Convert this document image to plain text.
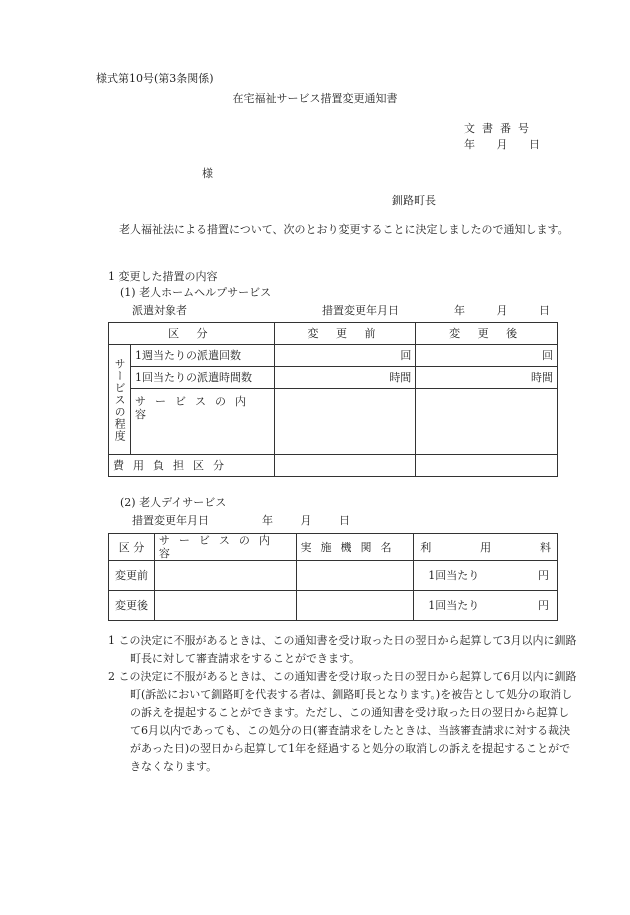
様式第10号(第3条関係)
在宅福祉サービス措置変更通知書
文書番号
年 月 日
様
釧路町長
老人福祉法による措置について、次のとおり変更することに決定しましたので通知します。
1 変更した措置の内容
(1) 老人ホームヘルプサービス
派遣対象者	措置変更年月日	年 月 日
区 分		変 更 前	変 更 後
サービスの程度	1週当たりの派遣回数	回	回
	1回当たりの派遣時間数	時間	時間
	サービスの内容		
費用負担区分			
(2) 老人デイサービス
措置変更年月日	年 月 日
区 分	サービスの内容	実施機関名	利 用 料

変更前			1回当たり 円

変更後			1回当たり 円

1 この決定に不服があるときは、この通知書を受け取った日の翌日から起算して3月以内に釧路町長に対して審査請求をすることができます。

2 この決定に不服があるときは、この通知書を受け取った日の翌日から起算して6月以内に釧路町(訴訟において釧路町を代表する者は、釧路町長となります。)を被告として処分の取消しの訴えを提起することができます。ただし、この通知書を受け取った日の翌日から起算して6月以内であっても、この処分の日(審査請求をしたときは、当該審査請求に対する裁決があった日)の翌日から起算して1年を経過すると処分の取消しの訴えを提起することができなくなります。
